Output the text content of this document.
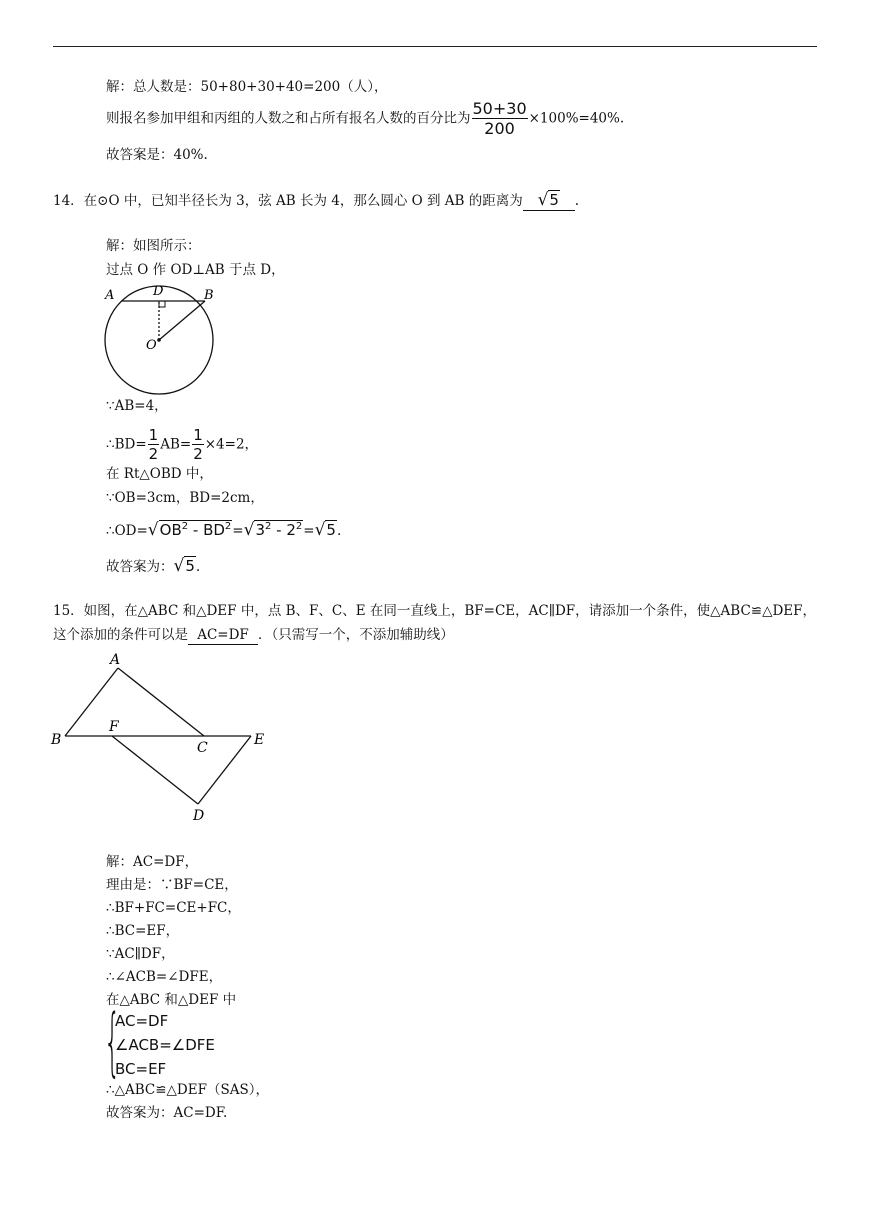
解：总人数是：50+80+30+40=200（人），
则报名参加甲组和丙组的人数之和占所有报名人数的百分比为 $\frac{50+30}{200} \times 100\%=40\%$.
故答案是：40%.
14．在⊙O 中，已知半径长为 3，弦 AB 长为 4，那么圆心 O 到 AB 的距离为 √5 .
解：如图所示：
过点 O 作 OD⊥AB 于点 D，
A	D	B
O
∵AB=4，
∴BD= $\frac{1}{2} AB= \frac{1}{2} \times 4=2$，
在 Rt△OBD 中，
∵OB=3cm，BD=2cm，
$\therefore OD=√OB^2 - BD^2=√3^2 - 2^2=√5$.
故答案为：√5.
15．如图，在△ABC 和△DEF 中，点 B、F、C、E 在同一直线上，BF=CE，AC∥DF，请添加一个条件，使△ABC≌△DEF，
这个添加的条件可以是 AC=DF ．（只需写一个，不添加辅助线）
A
B
F
C	E
D
解：AC=DF，
理由是：∵BF=CE，
∴BF+FC=CE+FC，
∴BC=EF，
∵AC∥DF，
∴∠ACB=∠DFE，
在△ABC 和△DEF 中
{
AC=DF
∠ACB=∠DFE
BC=EF
∴△ABC≌△DEF（SAS），
故答案为：AC=DF.
